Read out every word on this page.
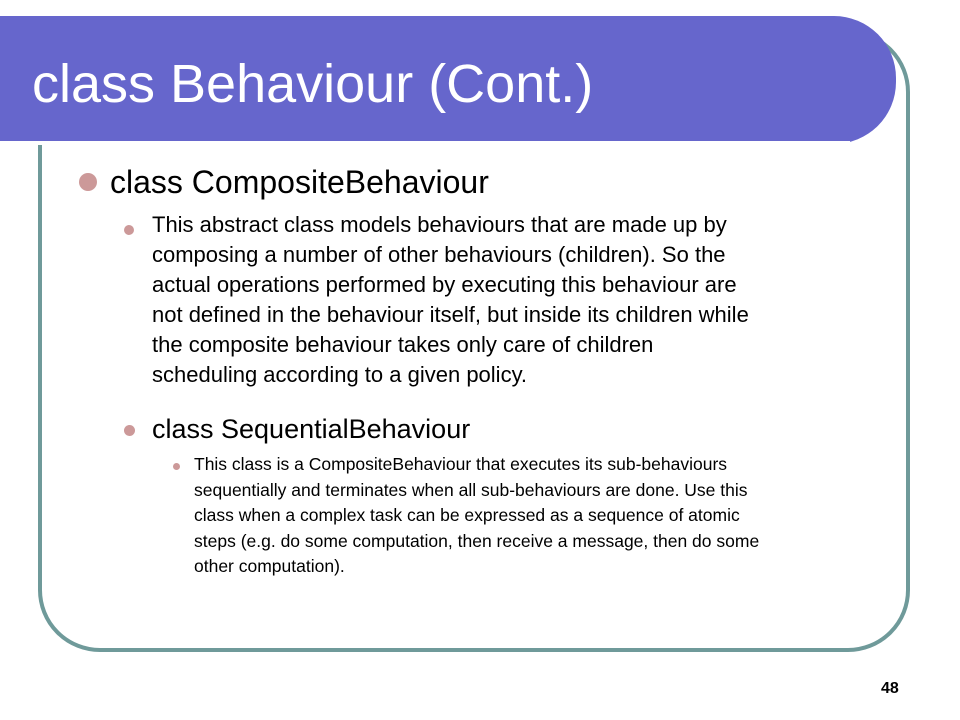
class Behaviour (Cont.)
class CompositeBehaviour
This abstract class models behaviours that are made up by
composing a number of other behaviours (children). So the
actual operations performed by executing this behaviour are
not defined in the behaviour itself, but inside its children while
the composite behaviour takes only care of children
scheduling according to a given policy.
class SequentialBehaviour
This class is a CompositeBehaviour that executes its sub-behaviours
sequentially and terminates when all sub-behaviours are done. Use this
class when a complex task can be expressed as a sequence of atomic
steps (e.g. do some computation, then receive a message, then do some
other computation).
48
